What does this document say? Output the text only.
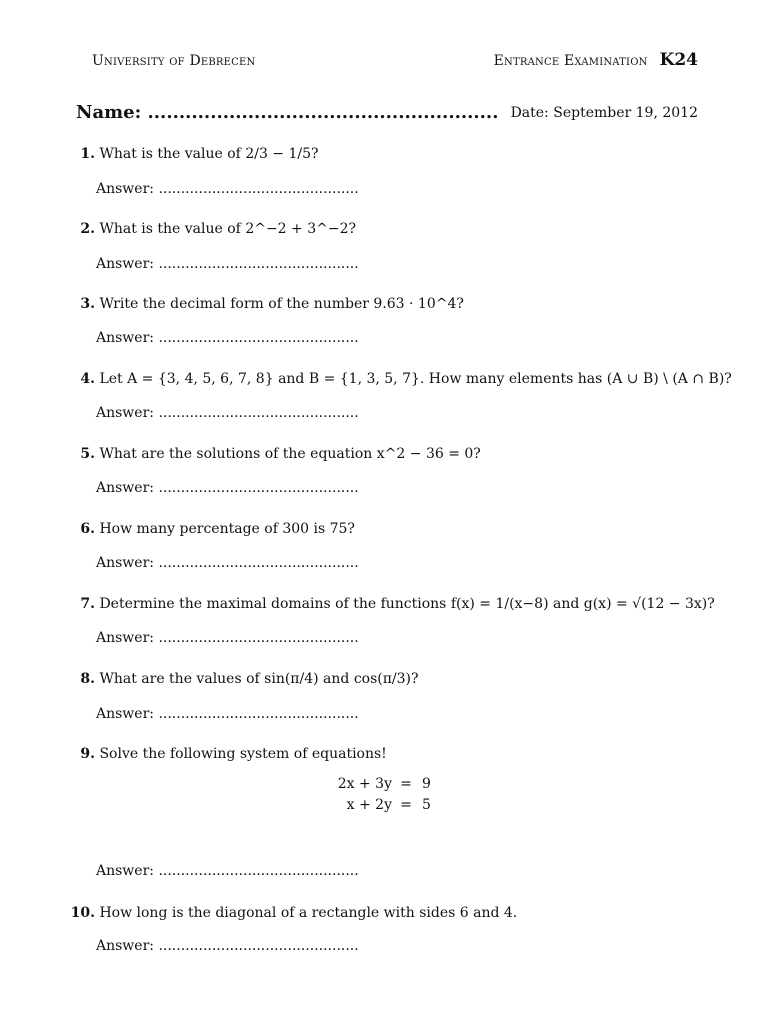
University of Debrecen	Entrance Examination K24
Name: ........................................................ Date: September 19, 2012
1. What is the value of 2/3 − 1/5?
Answer: .............................................
2. What is the value of 2^−2 + 3^−2?
Answer: .............................................
3. Write the decimal form of the number 9.63 · 10^4?
Answer: .............................................
4. Let A = {3, 4, 5, 6, 7, 8} and B = {1, 3, 5, 7}. How many elements has (A ∪ B) \ (A ∩ B)?
Answer: .............................................
5. What are the solutions of the equation x^2 − 36 = 0?
Answer: .............................................
6. How many percentage of 300 is 75?
Answer: .............................................
7. Determine the maximal domains of the functions f(x) = 1/(x−8) and g(x) = √(12 − 3x)?
Answer: .............................................
8. What are the values of sin(π/4) and cos(π/3)?
Answer: .............................................
9. Solve the following system of equations!
2x + 3y	=	9
x + 2y	=	5
Answer: .............................................
10. How long is the diagonal of a rectangle with sides 6 and 4.
Answer: .............................................
